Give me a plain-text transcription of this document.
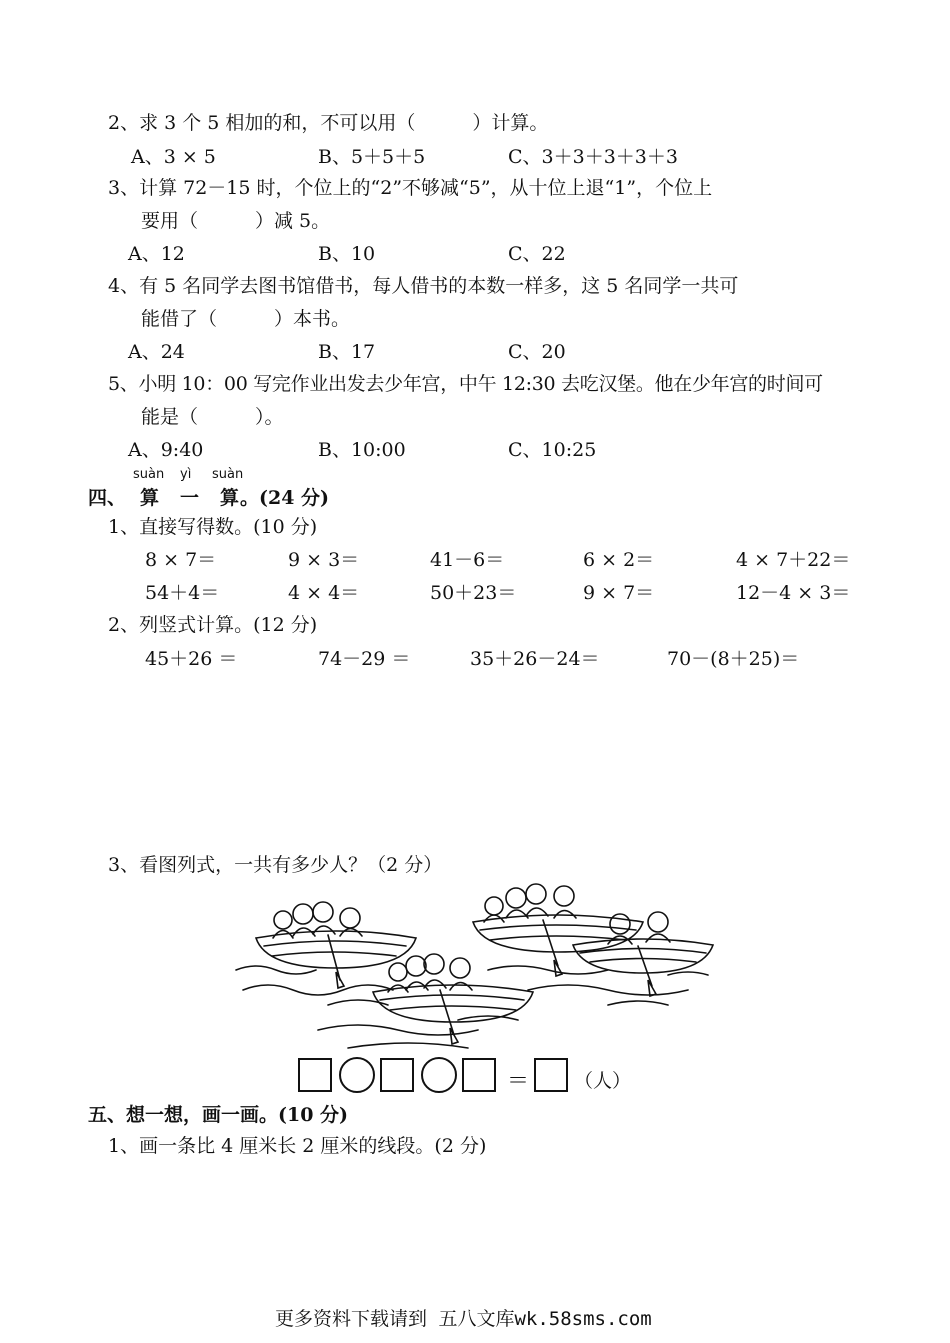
2、求 3 个 5 相加的和，不可以用（　　　）计算。
A、3 × 5	B、5＋5＋5	C、3＋3＋3＋3＋3
3、计算 72－15 时，个位上的“2”不够减“5”，从十位上退“1”，个位上
要用（　　　）减 5。
A、12	B、10	C、22
4、有 5 名同学去图书馆借书，每人借书的本数一样多，这 5 名同学一共可
能借了（　　　）本书。
A、24	B、17	C、20
5、小明 10：00 写完作业出发去少年宫，中午 12:30 去吃汉堡。他在少年宫的时间可
能是（　　　）。
A、9:40	B、10:00	C、10:25
四、
suàn yì suàn
算 一 算 。(24 分)
1、直接写得数。(10 分)
8 × 7＝	9 × 3＝	41－6＝	6 × 2＝	4 × 7＋22＝
54＋4＝	4 × 4＝	50＋23＝	9 × 7＝	12－4 × 3＝
2、列竖式计算。(12 分)
45＋26 ＝	74－29 ＝	35＋26－24＝	70－(8＋25)＝
3、看图列式，一共有多少人？（2 分）
＝ （人）
五、想一想，画一画。(10 分)
1、画一条比 4 厘米长 2 厘米的线段。(2 分)
更多资料下载请到 五八文库wk.58sms.com
